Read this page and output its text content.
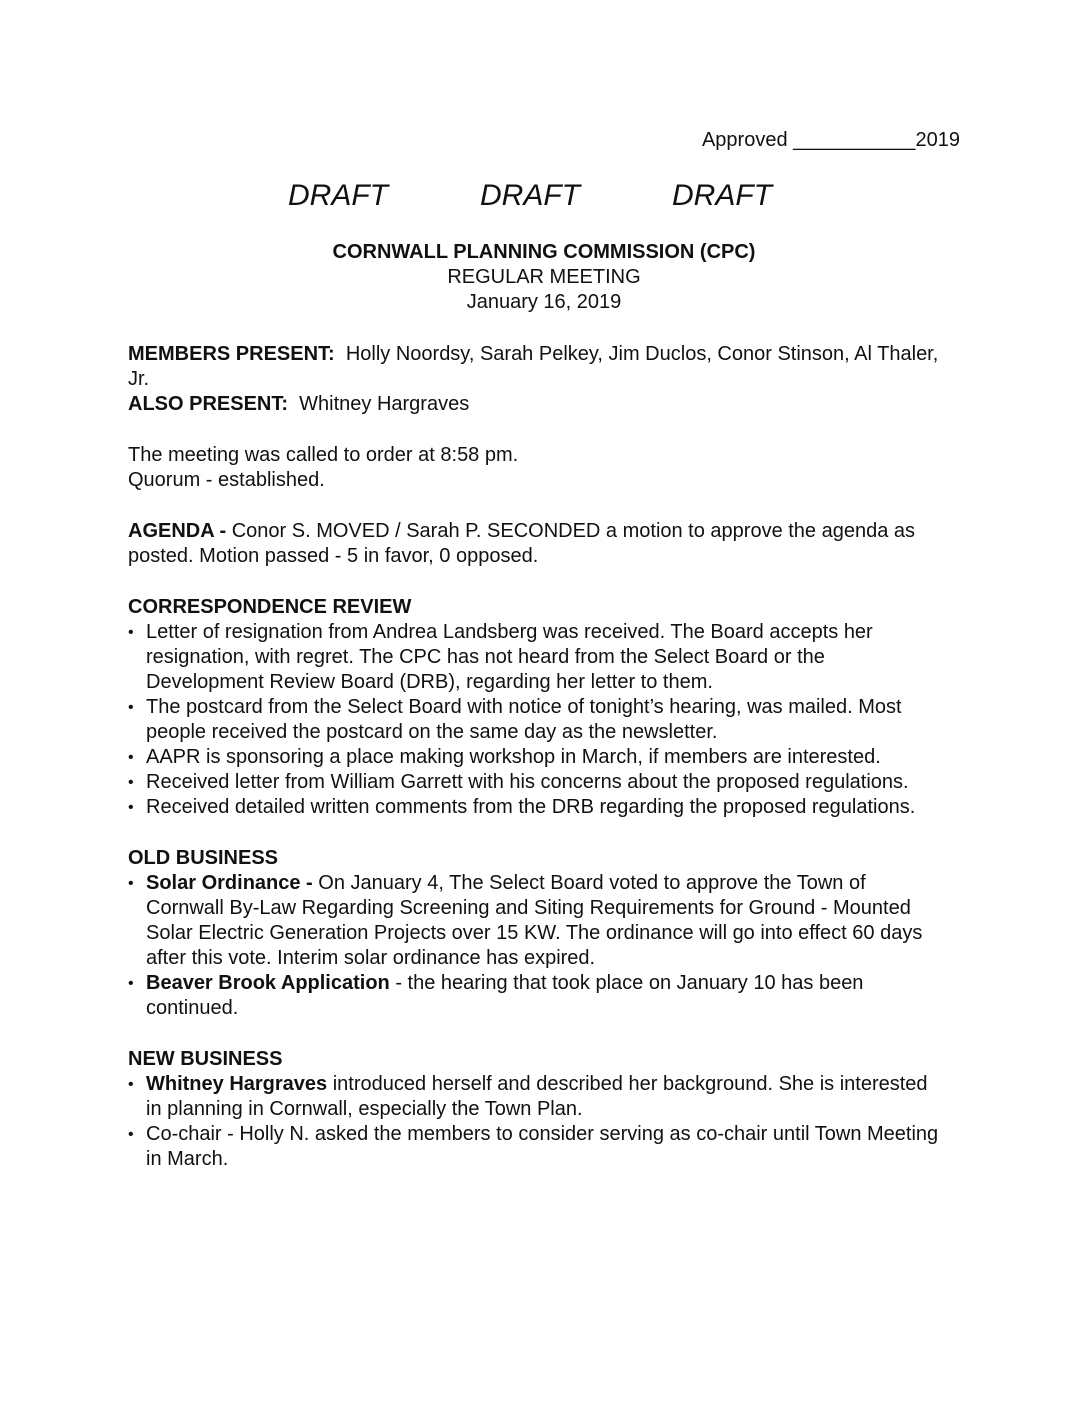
Approved ___________2019
DRAFT	DRAFT	DRAFT
CORNWALL PLANNING COMMISSION (CPC)
REGULAR MEETING
January 16, 2019

MEMBERS PRESENT: Holly Noordsy, Sarah Pelkey, Jim Duclos, Conor Stinson, Al Thaler, Jr.

ALSO PRESENT: Whitney Hargraves

The meeting was called to order at 8:58 pm.

Quorum - established.

AGENDA - Conor S. MOVED / Sarah P. SECONDED a motion to approve the agenda as posted. Motion passed - 5 in favor, 0 opposed.

CORRESPONDENCE REVIEW
• Letter of resignation from Andrea Landsberg was received. The Board accepts her resignation, with regret. The CPC has not heard from the Select Board or the Development Review Board (DRB), regarding her letter to them.
• The postcard from the Select Board with notice of tonight’s hearing, was mailed. Most people received the postcard on the same day as the newsletter.
• AAPR is sponsoring a place making workshop in March, if members are interested.
• Received letter from William Garrett with his concerns about the proposed regulations.
• Received detailed written comments from the DRB regarding the proposed regulations.
OLD BUSINESS
• Solar Ordinance - On January 4, The Select Board voted to approve the Town of Cornwall By-Law Regarding Screening and Siting Requirements for Ground - Mounted Solar Electric Generation Projects over 15 KW. The ordinance will go into effect 60 days after this vote. Interim solar ordinance has expired.
• Beaver Brook Application - the hearing that took place on January 10 has been continued.
NEW BUSINESS
• Whitney Hargraves introduced herself and described her background. She is interested in planning in Cornwall, especially the Town Plan.
• Co-chair - Holly N. asked the members to consider serving as co-chair until Town Meeting in March.
